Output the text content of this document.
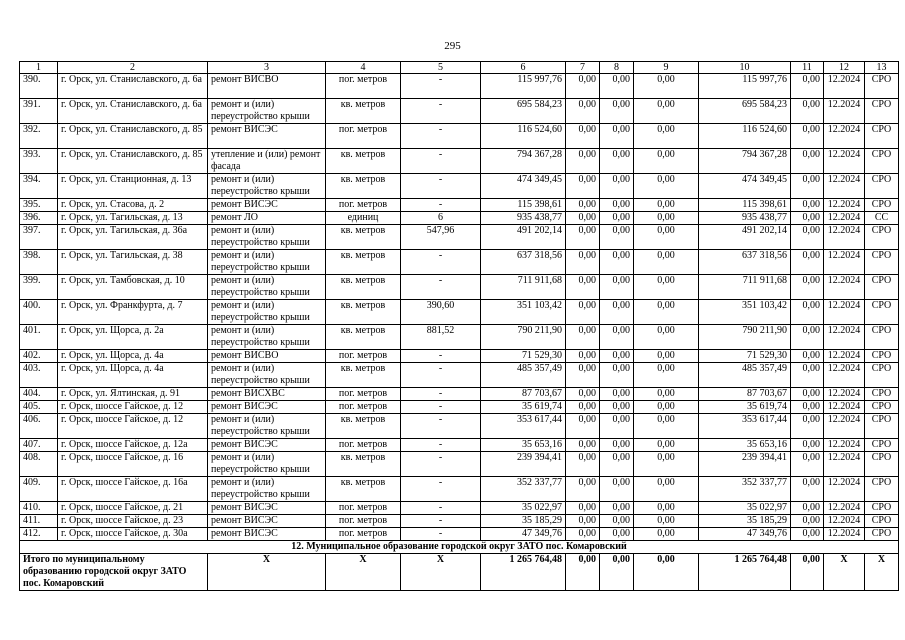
295
1	2	3	4	5	6	7	8	9	10	11	12	13
390.	г. Орск, ул. Станиславского, д. 6а	ремонт ВИСВО	пог. метров	-	115 997,76	0,00	0,00	0,00	115 997,76	0,00	12.2024	СРО
391.	г. Орск, ул. Станиславского, д. 6а	ремонт и (или) переустройство крыши	кв. метров	-	695 584,23	0,00	0,00	0,00	695 584,23	0,00	12.2024	СРО
392.	г. Орск, ул. Станиславского, д. 85	ремонт ВИСЭС	пог. метров	-	116 524,60	0,00	0,00	0,00	116 524,60	0,00	12.2024	СРО
393.	г. Орск, ул. Станиславского, д. 85	утепление и (или) ремонт фасада	кв. метров	-	794 367,28	0,00	0,00	0,00	794 367,28	0,00	12.2024	СРО
394.	г. Орск, ул. Станционная, д. 13	ремонт и (или) переустройство крыши	кв. метров	-	474 349,45	0,00	0,00	0,00	474 349,45	0,00	12.2024	СРО
395.	г. Орск, ул. Стасова, д. 2	ремонт ВИСЭС	пог. метров	-	115 398,61	0,00	0,00	0,00	115 398,61	0,00	12.2024	СРО
396.	г. Орск, ул. Тагильская, д. 13	ремонт ЛО	единиц	6	935 438,77	0,00	0,00	0,00	935 438,77	0,00	12.2024	СС
397.	г. Орск, ул. Тагильская, д. 36а	ремонт и (или) переустройство крыши	кв. метров	547,96	491 202,14	0,00	0,00	0,00	491 202,14	0,00	12.2024	СРО
398.	г. Орск, ул. Тагильская, д. 38	ремонт и (или) переустройство крыши	кв. метров	-	637 318,56	0,00	0,00	0,00	637 318,56	0,00	12.2024	СРО
399.	г. Орск, ул. Тамбовская, д. 10	ремонт и (или) переустройство крыши	кв. метров	-	711 911,68	0,00	0,00	0,00	711 911,68	0,00	12.2024	СРО
400.	г. Орск, ул. Франкфурта, д. 7	ремонт и (или) переустройство крыши	кв. метров	390,60	351 103,42	0,00	0,00	0,00	351 103,42	0,00	12.2024	СРО
401.	г. Орск, ул. Щорса, д. 2а	ремонт и (или) переустройство крыши	кв. метров	881,52	790 211,90	0,00	0,00	0,00	790 211,90	0,00	12.2024	СРО
402.	г. Орск, ул. Щорса, д. 4а	ремонт ВИСВО	пог. метров	-	71 529,30	0,00	0,00	0,00	71 529,30	0,00	12.2024	СРО
403.	г. Орск, ул. Щорса, д. 4а	ремонт и (или) переустройство крыши	кв. метров	-	485 357,49	0,00	0,00	0,00	485 357,49	0,00	12.2024	СРО
404.	г. Орск, ул. Ялтинская, д. 91	ремонт ВИСХВС	пог. метров	-	87 703,67	0,00	0,00	0,00	87 703,67	0,00	12.2024	СРО
405.	г. Орск, шоссе Гайское, д. 12	ремонт ВИСЭС	пог. метров	-	35 619,74	0,00	0,00	0,00	35 619,74	0,00	12.2024	СРО
406.	г. Орск, шоссе Гайское, д. 12	ремонт и (или) переустройство крыши	кв. метров	-	353 617,44	0,00	0,00	0,00	353 617,44	0,00	12.2024	СРО
407.	г. Орск, шоссе Гайское, д. 12а	ремонт ВИСЭС	пог. метров	-	35 653,16	0,00	0,00	0,00	35 653,16	0,00	12.2024	СРО
408.	г. Орск, шоссе Гайское, д. 16	ремонт и (или) переустройство крыши	кв. метров	-	239 394,41	0,00	0,00	0,00	239 394,41	0,00	12.2024	СРО
409.	г. Орск, шоссе Гайское, д. 16а	ремонт и (или) переустройство крыши	кв. метров	-	352 337,77	0,00	0,00	0,00	352 337,77	0,00	12.2024	СРО
410.	г. Орск, шоссе Гайское, д. 21	ремонт ВИСЭС	пог. метров	-	35 022,97	0,00	0,00	0,00	35 022,97	0,00	12.2024	СРО
411.	г. Орск, шоссе Гайское, д. 23	ремонт ВИСЭС	пог. метров	-	35 185,29	0,00	0,00	0,00	35 185,29	0,00	12.2024	СРО
412.	г. Орск, шоссе Гайское, д. 30а	ремонт ВИСЭС	пог. метров	-	47 349,76	0,00	0,00	0,00	47 349,76	0,00	12.2024	СРО
12. Муниципальное образование городской округ ЗАТО пос. Комаровский												
Итого по муниципальному образованию городской округ ЗАТО пос. Комаровский		X	X	X	1 265 764,48	0,00	0,00	0,00	1 265 764,48	0,00	X	X
